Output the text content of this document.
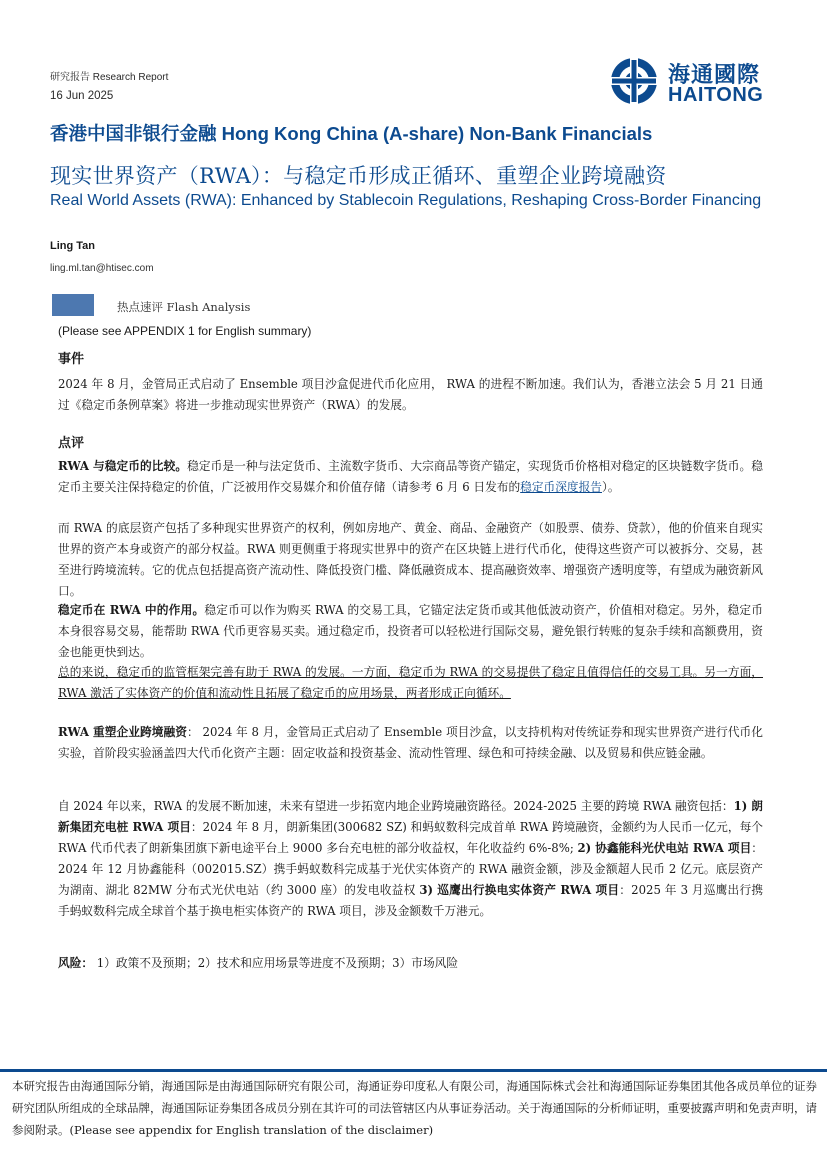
研究报告 Research Report
16 Jun 2025
海通國際
HAITONG
香港中国非银行金融 Hong Kong China (A-share) Non-Bank Financials
现实世界资产（RWA）：与稳定币形成正循环、重塑企业跨境融资
Real World Assets (RWA): Enhanced by Stablecoin Regulations, Reshaping Cross-Border Financing
Ling Tan
ling.ml.tan@htisec.com
热点速评 Flash Analysis
(Please see APPENDIX 1 for English summary)
事件
2024 年 8 月，金管局正式启动了 Ensemble 项目沙盒促进代币化应用， RWA 的进程不断加速。我们认为，香港立法会 5 月 21 日通过《稳定币条例草案》将进一步推动现实世界资产（RWA）的发展。
点评
RWA 与稳定币的比较。稳定币是一种与法定货币、主流数字货币、大宗商品等资产锚定，实现货币价格相对稳定的区块链数字货币。稳定币主要关注保持稳定的价值，广泛被用作交易媒介和价值存储（请参考 6 月 6 日发布的稳定币深度报告）。
而 RWA 的底层资产包括了多种现实世界资产的权利，例如房地产、黄金、商品、金融资产（如股票、债券、贷款），他的价值来自现实世界的资产本身或资产的部分权益。RWA 则更侧重于将现实世界中的资产在区块链上进行代币化，使得这些资产可以被拆分、交易，甚至进行跨境流转。它的优点包括提高资产流动性、降低投资门槛、降低融资成本、提高融资效率、增强资产透明度等，有望成为融资新风口。
稳定币在 RWA 中的作用。稳定币可以作为购买 RWA 的交易工具，它锚定法定货币或其他低波动资产，价值相对稳定。另外，稳定币本身很容易交易，能帮助 RWA 代币更容易买卖。通过稳定币，投资者可以轻松进行国际交易，避免银行转账的复杂手续和高额费用，资金也能更快到达。
总的来说，稳定币的监管框架完善有助于 RWA 的发展。一方面，稳定币为 RWA 的交易提供了稳定且值得信任的交易工具。另一方面，RWA 激活了实体资产的价值和流动性且拓展了稳定币的应用场景，两者形成正向循环。
RWA 重塑企业跨境融资： 2024 年 8 月，金管局正式启动了 Ensemble 项目沙盒，以支持机构对传统证券和现实世界资产进行代币化实验，首阶段实验涵盖四大代币化资产主题：固定收益和投资基金、流动性管理、绿色和可持续金融、以及贸易和供应链金融。
自 2024 年以来，RWA 的发展不断加速，未来有望进一步拓宽内地企业跨境融资路径。2024-2025 主要的跨境 RWA 融资包括：1) 朗新集团充电桩 RWA 项目：2024 年 8 月，朗新集团(300682 SZ) 和蚂蚁数科完成首单 RWA 跨境融资，金额约为人民币一亿元，每个 RWA 代币代表了朗新集团旗下新电途平台上 9000 多台充电桩的部分收益权，年化收益约 6%-8%; 2) 协鑫能科光伏电站 RWA 项目：2024 年 12 月协鑫能科（002015.SZ）携手蚂蚁数科完成基于光伏实体资产的 RWA 融资金额，涉及金额超人民币 2 亿元。底层资产为湖南、湖北 82MW 分布式光伏电站（约 3000 座）的发电收益权 3) 巡鹰出行换电实体资产 RWA 项目：2025 年 3 月巡鹰出行携手蚂蚁数科完成全球首个基于换电柜实体资产的 RWA 项目，涉及金额数千万港元。
风险： 1）政策不及预期；2）技术和应用场景等进度不及预期；3）市场风险
本研究报告由海通国际分销，海通国际是由海通国际研究有限公司，海通证券印度私人有限公司，海通国际株式会社和海通国际证券集团其他各成员单位的证券研究团队所组成的全球品牌，海通国际证券集团各成员分别在其许可的司法管辖区内从事证券活动。关于海通国际的分析师证明，重要披露声明和免责声明，请参阅附录。(Please see appendix for English translation of the disclaimer)
